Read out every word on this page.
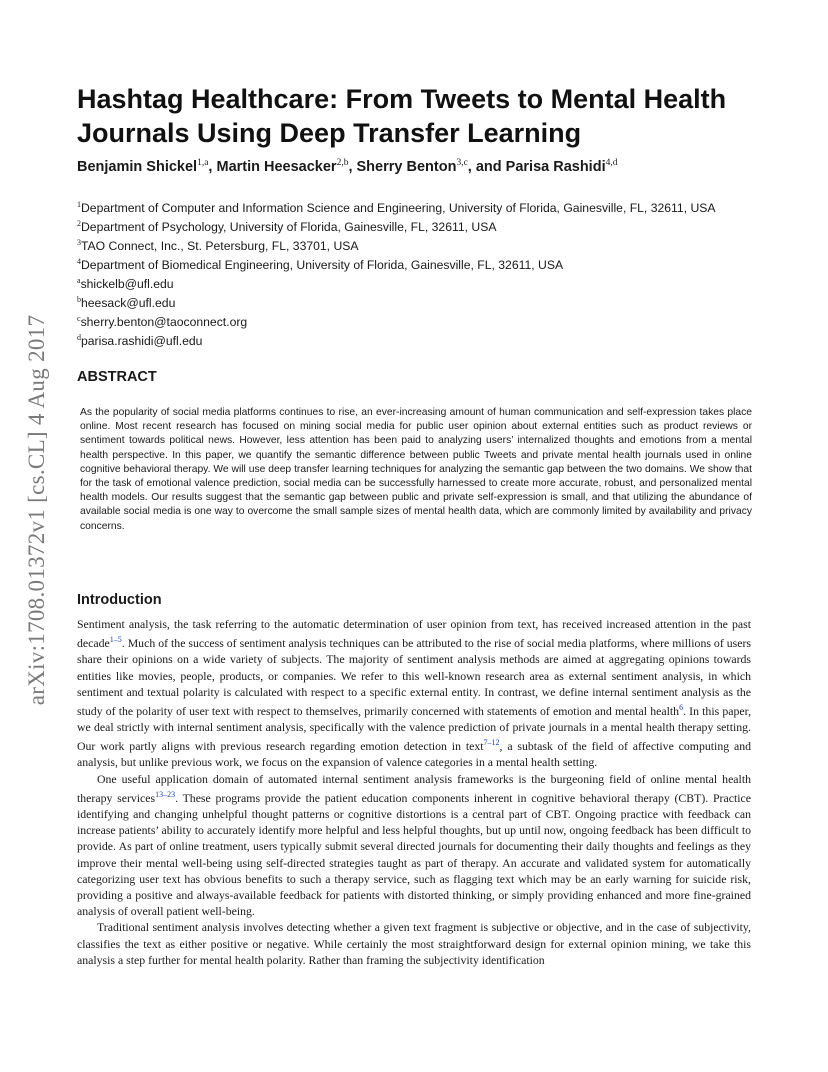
arXiv:1708.01372v1 [cs.CL] 4 Aug 2017
Hashtag Healthcare: From Tweets to Mental Health Journals Using Deep Transfer Learning
Benjamin Shickel$^{1,a}$, Martin Heesacker$^{2,b}$, Sherry Benton$^{3,c}$, and Parisa Rashidi$^{4,d}$
$^1$Department of Computer and Information Science and Engineering, University of Florida, Gainesville, FL, 32611, USA
$^2$Department of Psychology, University of Florida, Gainesville, FL, 32611, USA
$^3$TAO Connect, Inc., St. Petersburg, FL, 33701, USA
$^4$Department of Biomedical Engineering, University of Florida, Gainesville, FL, 32611, USA
$^a$shickelb@ufl.edu
$^b$heesack@ufl.edu
$^c$sherry.benton@taoconnect.org
$^d$parisa.rashidi@ufl.edu
ABSTRACT
As the popularity of social media platforms continues to rise, an ever-increasing amount of human communication and self-expression takes place online. Most recent research has focused on mining social media for public user opinion about external entities such as product reviews or sentiment towards political news. However, less attention has been paid to analyzing users’ internalized thoughts and emotions from a mental health perspective. In this paper, we quantify the semantic difference between public Tweets and private mental health journals used in online cognitive behavioral therapy. We will use deep transfer learning techniques for analyzing the semantic gap between the two domains. We show that for the task of emotional valence prediction, social media can be successfully harnessed to create more accurate, robust, and personalized mental health models. Our results suggest that the semantic gap between public and private self-expression is small, and that utilizing the abundance of available social media is one way to overcome the small sample sizes of mental health data, which are commonly limited by availability and privacy concerns.
Introduction

Sentiment analysis, the task referring to the automatic determination of user opinion from text, has received increased attention in the past decade$^{1-5}$. Much of the success of sentiment analysis techniques can be attributed to the rise of social media platforms, where millions of users share their opinions on a wide variety of subjects. The majority of sentiment analysis methods are aimed at aggregating opinions towards entities like movies, people, products, or companies. We refer to this well-known research area as external sentiment analysis, in which sentiment and textual polarity is calculated with respect to a specific external entity. In contrast, we define internal sentiment analysis as the study of the polarity of user text with respect to themselves, primarily concerned with statements of emotion and mental health$^6$. In this paper, we deal strictly with internal sentiment analysis, specifically with the valence prediction of private journals in a mental health therapy setting. Our work partly aligns with previous research regarding emotion detection in text$^{7-12}$, a subtask of the field of affective computing and analysis, but unlike previous work, we focus on the expansion of valence categories in a mental health setting.

One useful application domain of automated internal sentiment analysis frameworks is the burgeoning field of online mental health therapy services$^{13-23}$. These programs provide the patient education components inherent in cognitive behavioral therapy (CBT). Practice identifying and changing unhelpful thought patterns or cognitive distortions is a central part of CBT. Ongoing practice with feedback can increase patients’ ability to accurately identify more helpful and less helpful thoughts, but up until now, ongoing feedback has been difficult to provide. As part of online treatment, users typically submit several directed journals for documenting their daily thoughts and feelings as they improve their mental well-being using self-directed strategies taught as part of therapy. An accurate and validated system for automatically categorizing user text has obvious benefits to such a therapy service, such as flagging text which may be an early warning for suicide risk, providing a positive and always-available feedback for patients with distorted thinking, or simply providing enhanced and more fine-grained analysis of overall patient well-being.

Traditional sentiment analysis involves detecting whether a given text fragment is subjective or objective, and in the case of subjectivity, classifies the text as either positive or negative. While certainly the most straightforward design for external opinion mining, we take this analysis a step further for mental health polarity. Rather than framing the subjectivity identification
